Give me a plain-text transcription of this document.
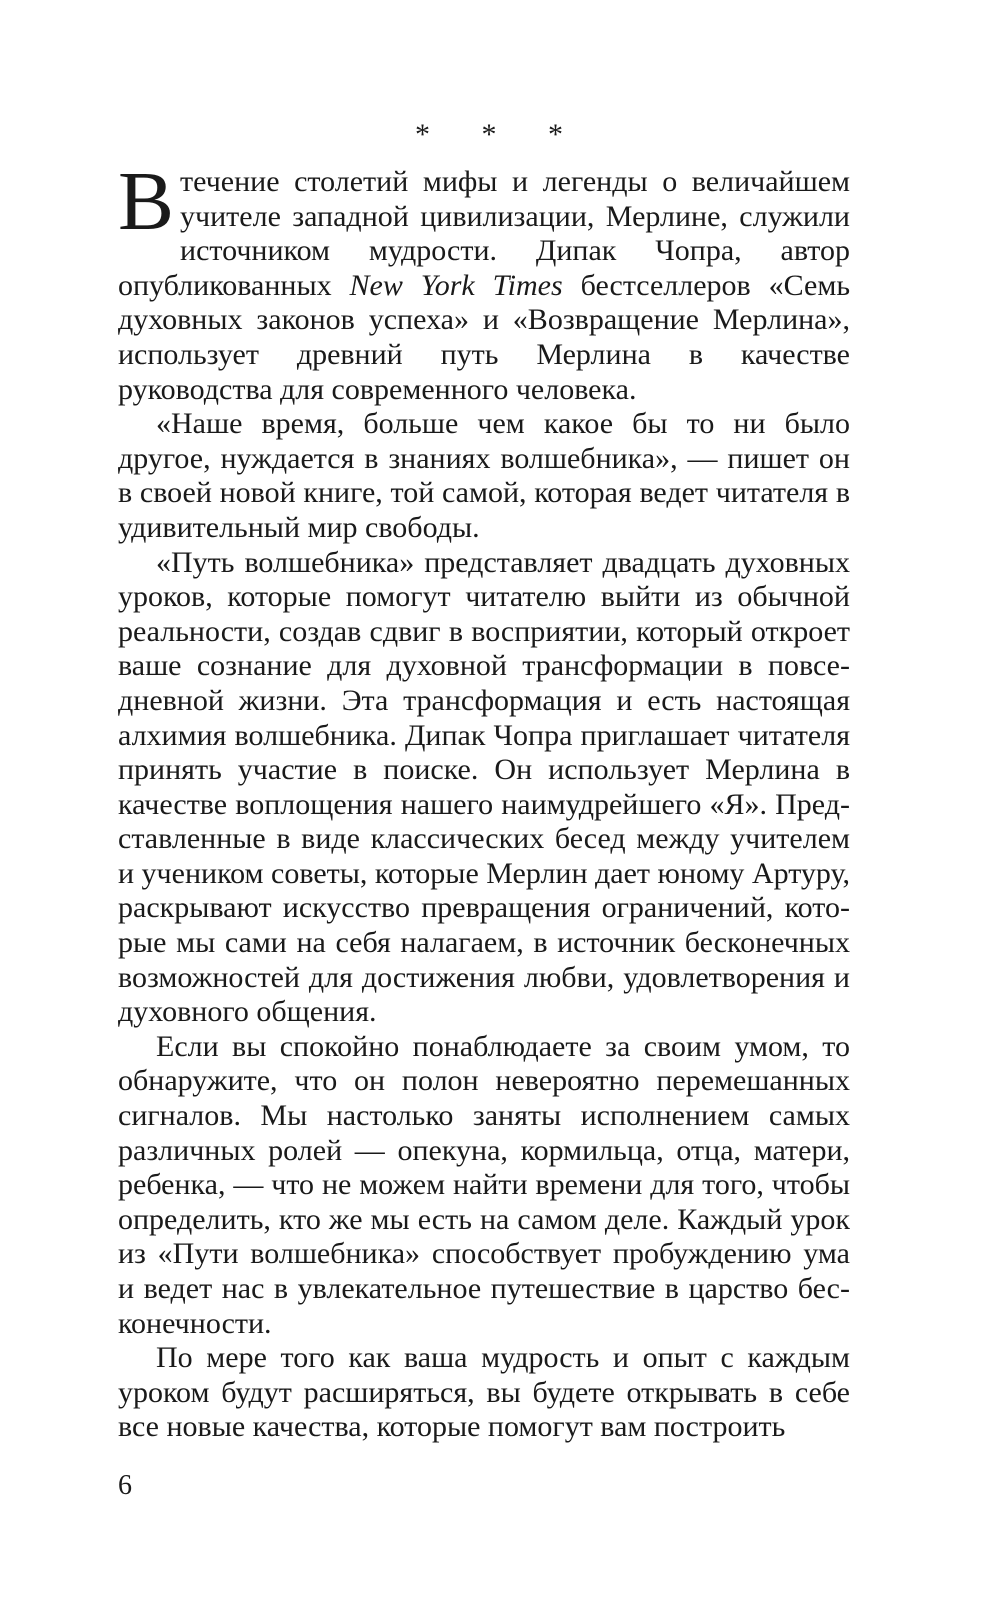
* * *

Втечение столетий мифы и легенды о величайшем учителе западной цивилизации, Мерлине, служили источником мудрости. Дипак Чопра, автор опубликованных New York Times бестселлеров «Семь духовных законов успеха» и «Возвращение Мерлина», использует древний путь Мерлина в качестве руководства для современного человека.

«Наше время, больше чем какое бы то ни было другое, нуждается в знаниях волшебника», — пишет он в своей новой книге, той самой, которая ведет читателя в удивительный мир свободы.

«Путь волшебника» представляет двадцать духовных уроков, которые помогут читателю выйти из обычной реальности, создав сдвиг в восприятии, который откроет ваше сознание для духовной трансформации в повседневной жизни. Эта трансформация и есть настоящая алхимия волшебника. Дипак Чопра приглашает читателя принять участие в поиске. Он использует Мерлина в качестве воплощения нашего наимудрейшего «Я». Представленные в виде классических бесед между учителем и учеником советы, которые Мерлин дает юному Артуру, раскрывают искусство превращения ограничений, которые мы сами на себя налагаем, в источник бесконечных возможностей для достижения любви, удовлетворения и духовного общения.

Если вы спокойно понаблюдаете за своим умом, то обнаружите, что он полон невероятно перемешанных сигналов. Мы настолько заняты исполнением самых различных ролей — опекуна, кормильца, отца, матери, ребенка, — что не можем найти времени для того, чтобы определить, кто же мы есть на самом деле. Каждый урок из «Пути волшебника» способствует пробуждению ума и ведет нас в увлекательное путешествие в царство бесконечности.

По мере того как ваша мудрость и опыт с каждым уроком будут расширяться, вы будете открывать в себе все новые качества, которые помогут вам построить

6
